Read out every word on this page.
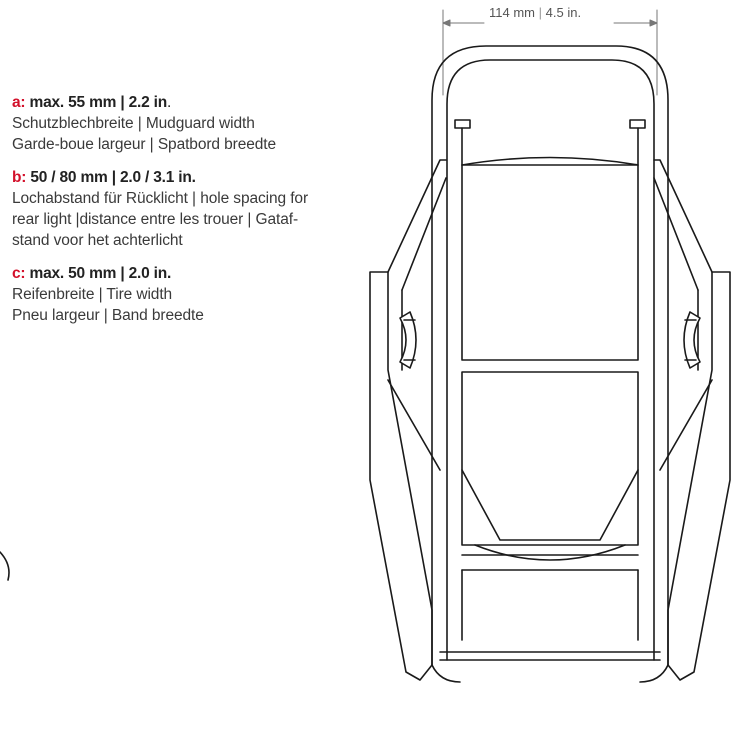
114 mm | 4.5 in.
a: max. 55 mm | 2.2 in.
Schutzblechbreite | Mudguard width
Garde-boue largeur | Spatbord breedte
b: 50 / 80 mm | 2.0 / 3.1 in.
Lochabstand für Rücklicht | hole spacing for
rear light |distance entre les trouer | Gataf-
stand voor het achterlicht
c: max. 50 mm | 2.0 in.
Reifenbreite | Tire width
Pneu largeur | Band breedte
